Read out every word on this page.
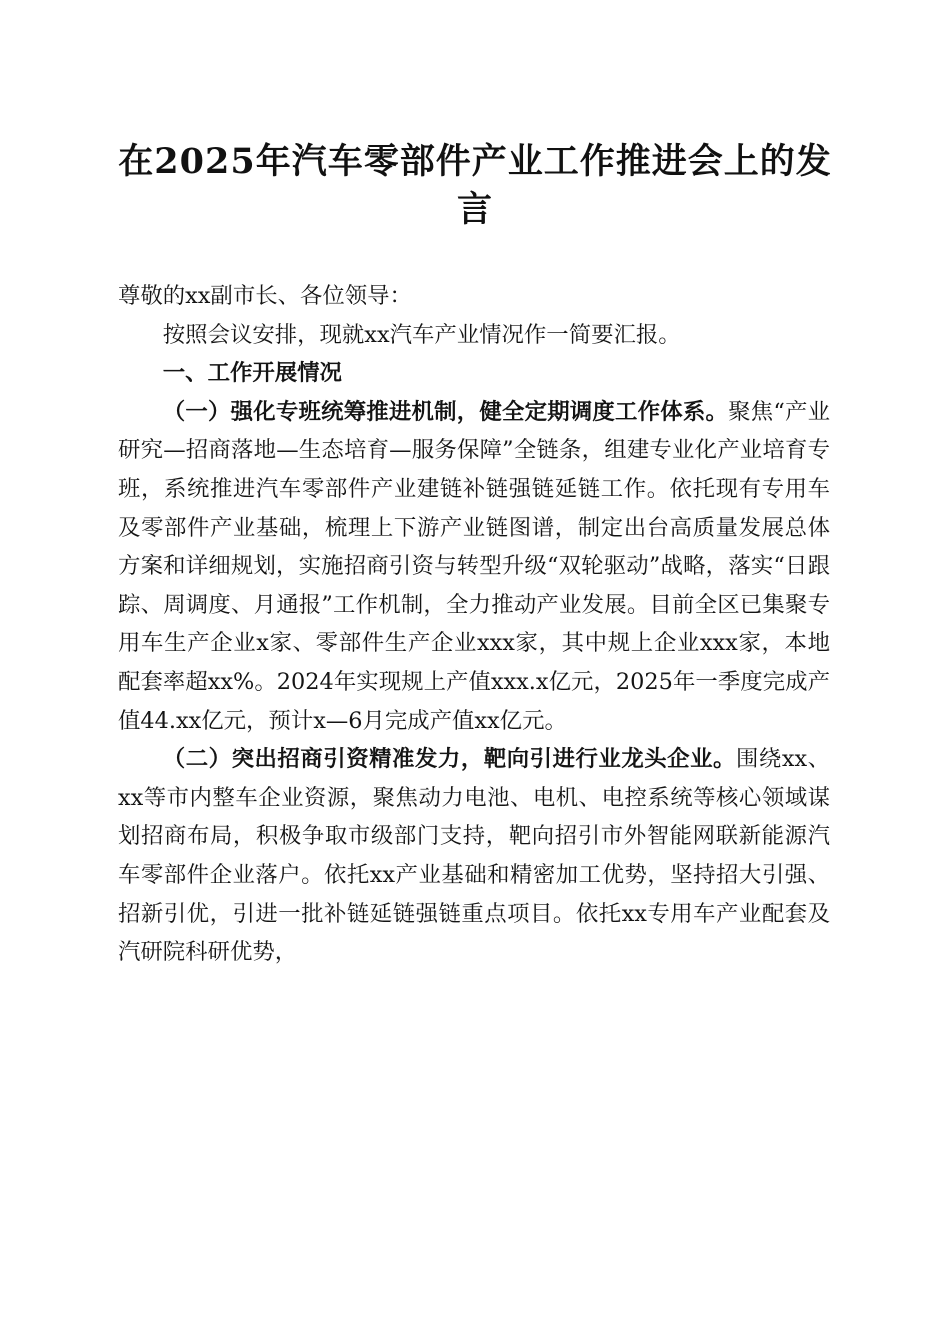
在2025年汽车零部件产业工作推进会上的发言

尊敬的xx副市长、各位领导：

按照会议安排，现就xx汽车产业情况作一简要汇报。

一、工作开展情况

（一）强化专班统筹推进机制，健全定期调度工作体系。聚焦“产业研究—招商落地—生态培育—服务保障”全链条，组建专业化产业培育专班，系统推进汽车零部件产业建链补链强链延链工作。依托现有专用车及零部件产业基础，梳理上下游产业链图谱，制定出台高质量发展总体方案和详细规划，实施招商引资与转型升级“双轮驱动”战略，落实“日跟踪、周调度、月通报”工作机制，全力推动产业发展。目前全区已集聚专用车生产企业x家、零部件生产企业xxx家，其中规上企业xxx家，本地配套率超xx%。2024年实现规上产值xxx.x亿元，2025年一季度完成产值44.xx亿元，预计x—6月完成产值xx亿元。

（二）突出招商引资精准发力，靶向引进行业龙头企业。围绕xx、xx等市内整车企业资源，聚焦动力电池、电机、电控系统等核心领域谋划招商布局，积极争取市级部门支持，靶向招引市外智能网联新能源汽车零部件企业落户。依托xx产业基础和精密加工优势，坚持招大引强、招新引优，引进一批补链延链强链重点项目。依托xx专用车产业配套及汽研院科研优势，
